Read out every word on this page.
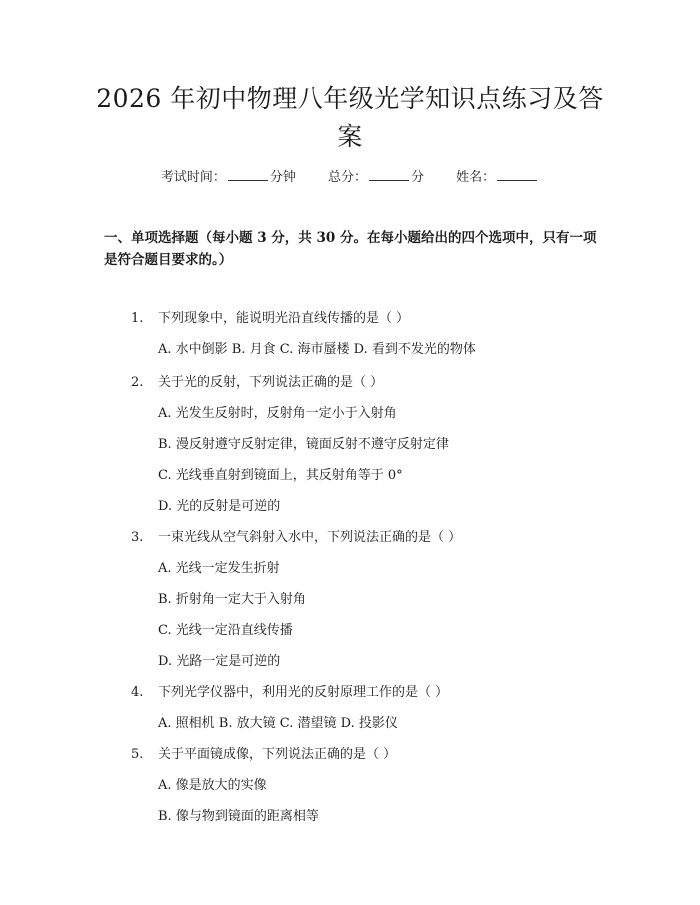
2026 年初中物理八年级光学知识点练习及答案
考试时间：	分钟 总分：	分 姓名：
一、单项选择题（每小题 3 分，共 30 分。在每小题给出的四个选项中，只有一项是符合题目要求的。）
1. 下列现象中，能说明光沿直线传播的是（ ）
A. 水中倒影 B. 月食 C. 海市蜃楼 D. 看到不发光的物体
2. 关于光的反射，下列说法正确的是（ ）
A. 光发生反射时，反射角一定小于入射角
B. 漫反射遵守反射定律，镜面反射不遵守反射定律
C. 光线垂直射到镜面上，其反射角等于 0°
D. 光的反射是可逆的
3. 一束光线从空气斜射入水中，下列说法正确的是（ ）
A. 光线一定发生折射
B. 折射角一定大于入射角
C. 光线一定沿直线传播
D. 光路一定是可逆的
4. 下列光学仪器中，利用光的反射原理工作的是（ ）
A. 照相机 B. 放大镜 C. 潜望镜 D. 投影仪
5. 关于平面镜成像，下列说法正确的是（ ）
A. 像是放大的实像
B. 像与物到镜面的距离相等
